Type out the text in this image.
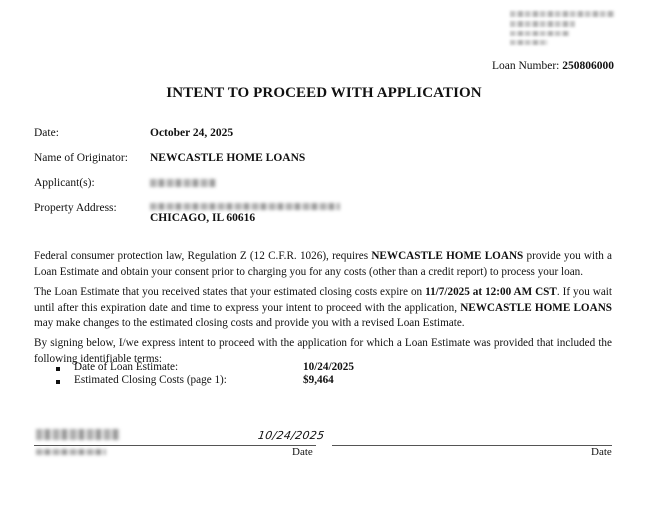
Loan Number: 250806000
INTENT TO PROCEED WITH APPLICATION
Date:	October 24, 2025
Name of Originator: NEWCASTLE HOME LOANS
Applicant(s):
Property Address:
CHICAGO, IL 60616
Federal consumer protection law, Regulation Z (12 C.F.R. 1026), requires NEWCASTLE HOME LOANS provide you with a Loan Estimate and obtain your consent prior to charging you for any costs (other than a credit report) to process your loan.
The Loan Estimate that you received states that your estimated closing costs expire on 11/7/2025 at 12:00 AM CST. If you wait until after this expiration date and time to express your intent to proceed with the application, NEWCASTLE HOME LOANS may make changes to the estimated closing costs and provide you with a revised Loan Estimate.
By signing below, I/we express intent to proceed with the application for which a Loan Estimate was provided that included the following identifiable terms:
Date of Loan Estimate:	10/24/2025
Estimated Closing Costs (page 1):	$9,464
10/24/2025
Date	Date
